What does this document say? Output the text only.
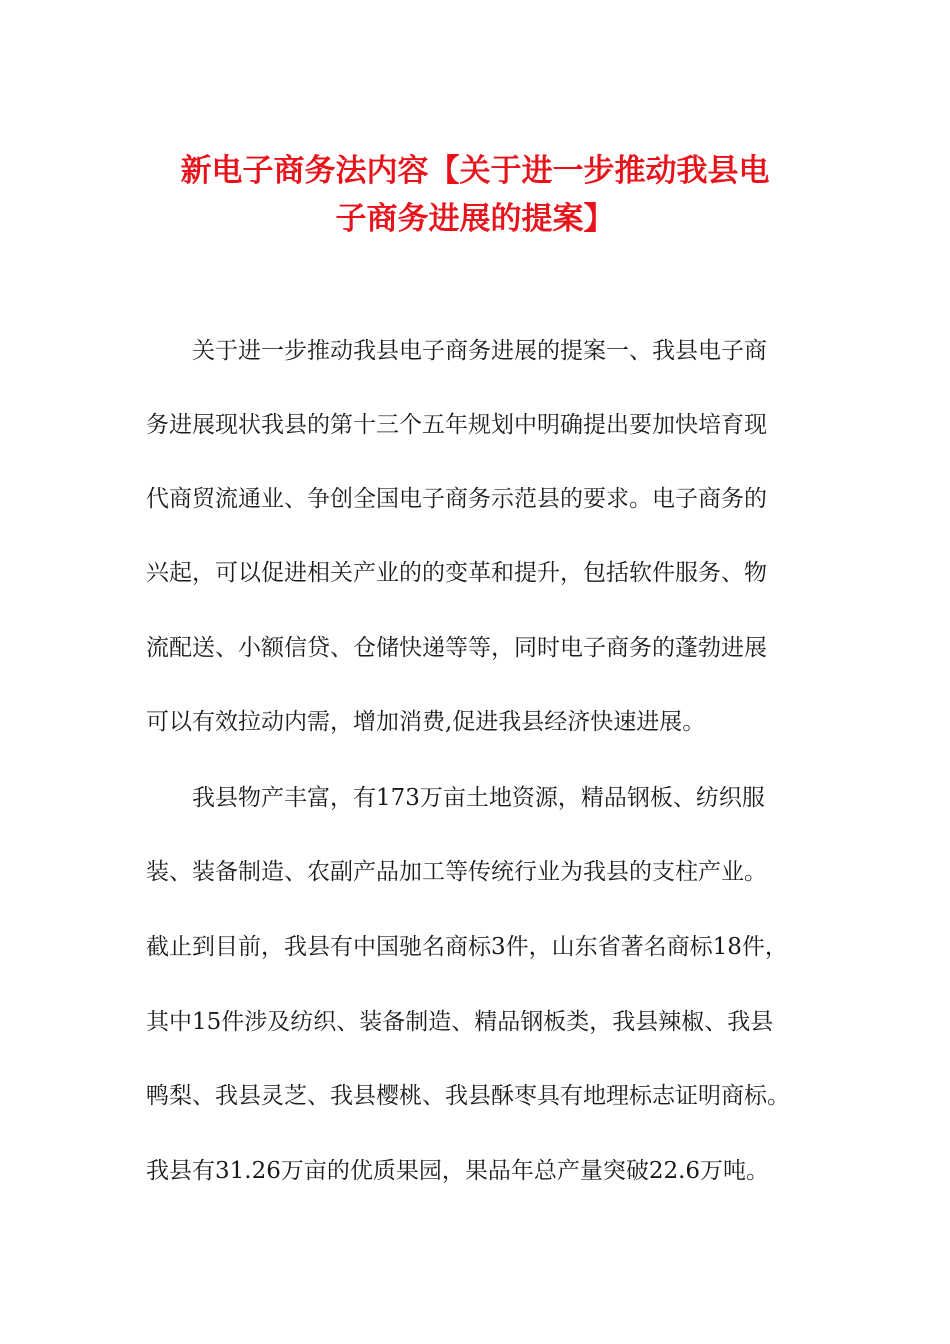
新电子商务法内容【关于进一步推动我县电
子商务进展的提案】
关于进一步推动我县电子商务进展的提案一、我县电子商
务进展现状我县的第十三个五年规划中明确提出要加快培育现
代商贸流通业、争创全国电子商务示范县的要求。电子商务的
兴起，可以促进相关产业的的变革和提升，包括软件服务、物
流配送、小额信贷、仓储快递等等，同时电子商务的蓬勃进展
可以有效拉动内需，增加消费,促进我县经济快速进展。
我县物产丰富，有173万亩土地资源，精品钢板、纺织服
装、装备制造、农副产品加工等传统行业为我县的支柱产业。
截止到目前，我县有中国驰名商标3件，山东省著名商标18件，
其中15件涉及纺织、装备制造、精品钢板类，我县辣椒、我县
鸭梨、我县灵芝、我县樱桃、我县酥枣具有地理标志证明商标。
我县有31.26万亩的优质果园，果品年总产量突破22.6万吨。
